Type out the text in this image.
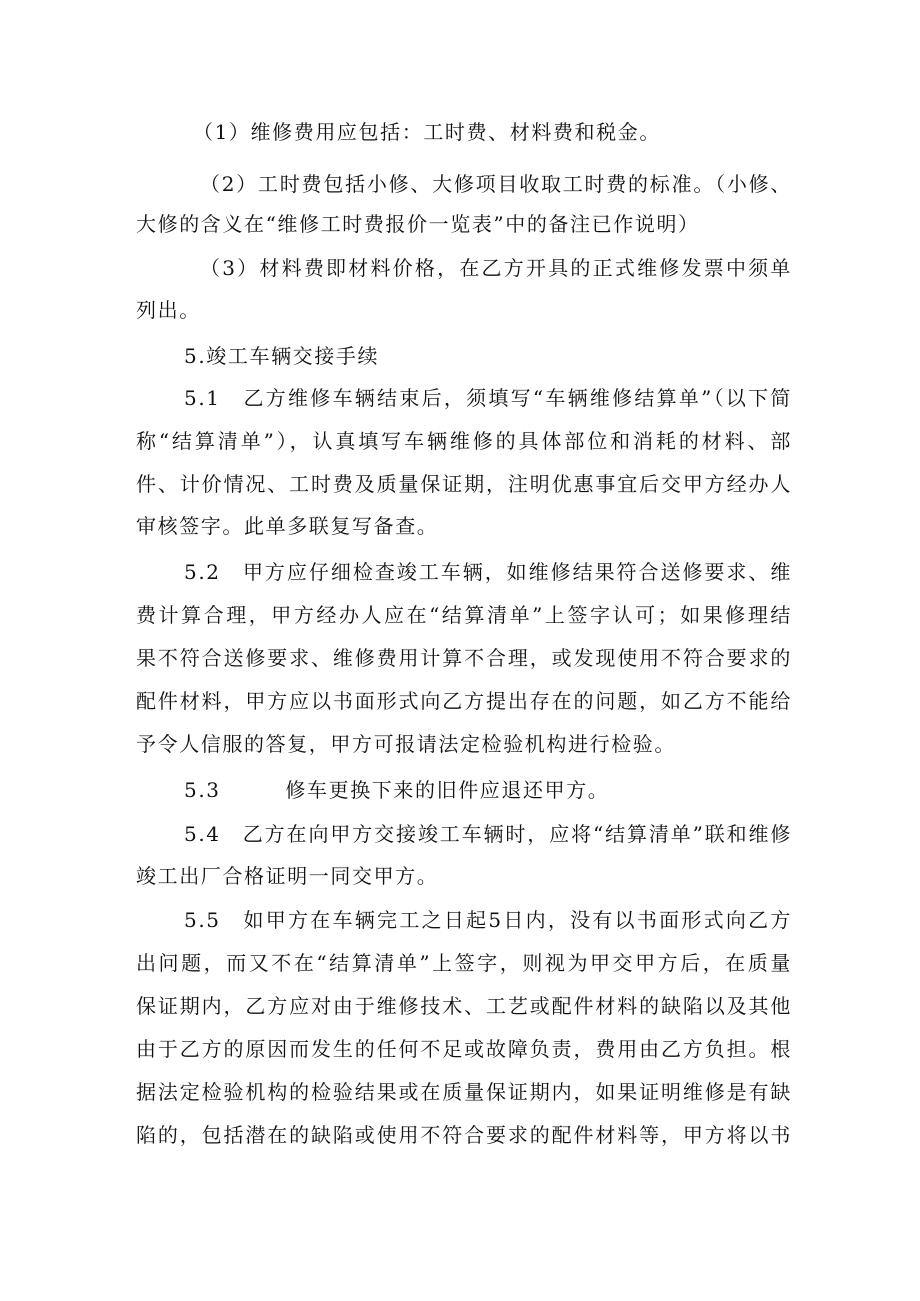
（1）维修费用应包括：工时费、材料费和税金。
（2）工时费包括小修、大修项目收取工时费的标准。（小修、
大修的含义在“维修工时费报价一览表”中的备注已作说明）
（3）材料费即材料价格，在乙方开具的正式维修发票中须单
列出。
5.竣工车辆交接手续
5.1　乙方维修车辆结束后，须填写“车辆维修结算单”（以下简
称“结算清单”），认真填写车辆维修的具体部位和消耗的材料、部
件、计价情况、工时费及质量保证期，注明优惠事宜后交甲方经办人
审核签字。此单多联复写备查。
5.2　甲方应仔细检查竣工车辆，如维修结果符合送修要求、维
费计算合理，甲方经办人应在“结算清单”上签字认可；如果修理结
果不符合送修要求、维修费用计算不合理，或发现使用不符合要求的
配件材料，甲方应以书面形式向乙方提出存在的问题，如乙方不能给
予令人信服的答复，甲方可报请法定检验机构进行检验。
5.3　　　修车更换下来的旧件应退还甲方。
5.4　乙方在向甲方交接竣工车辆时，应将“结算清单”联和维修
竣工出厂合格证明一同交甲方。
5.5　如甲方在车辆完工之日起5日内，没有以书面形式向乙方
出问题，而又不在“结算清单”上签字，则视为甲交甲方后，在质量
保证期内，乙方应对由于维修技术、工艺或配件材料的缺陷以及其他
由于乙方的原因而发生的任何不足或故障负责，费用由乙方负担。根
据法定检验机构的检验结果或在质量保证期内，如果证明维修是有缺
陷的，包括潜在的缺陷或使用不符合要求的配件材料等，甲方将以书
